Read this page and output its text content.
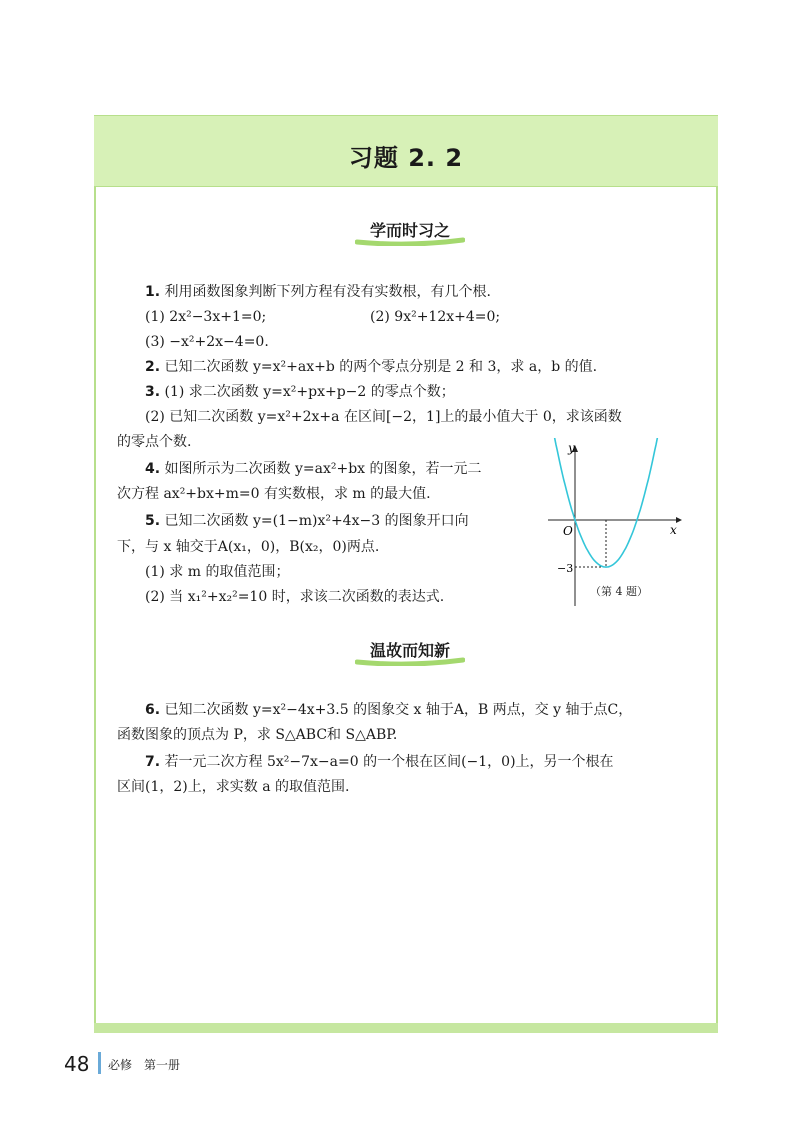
习题 2. 2
学而时习之
1. 利用函数图象判断下列方程有没有实数根，有几个根.
(1) 2x²−3x+1=0;	(2) 9x²+12x+4=0;
(3) −x²+2x−4=0.
2. 已知二次函数 y=x²+ax+b 的两个零点分别是 2 和 3，求 a，b 的值.
3. (1) 求二次函数 y=x²+px+p−2 的零点个数；
(2) 已知二次函数 y=x²+2x+a 在区间[−2，1]上的最小值大于 0，求该函数
的零点个数.
4. 如图所示为二次函数 y=ax²+bx 的图象，若一元二
次方程 ax²+bx+m=0 有实数根，求 m 的最大值.
5. 已知二次函数 y=(1−m)x²+4x−3 的图象开口向
下，与 x 轴交于A(x₁，0)，B(x₂，0)两点.
(1) 求 m 的取值范围；
(2) 当 x₁²+x₂²=10 时，求该二次函数的表达式.
y
x
O
−3
（第 4 题）
温故而知新
6. 已知二次函数 y=x²−4x+3.5 的图象交 x 轴于A，B 两点，交 y 轴于点C，
函数图象的顶点为 P，求 S△ABC和 S△ABP.
7. 若一元二次方程 5x²−7x−a=0 的一个根在区间(−1，0)上，另一个根在
区间(1，2)上，求实数 a 的取值范围.
48 必修　第一册
